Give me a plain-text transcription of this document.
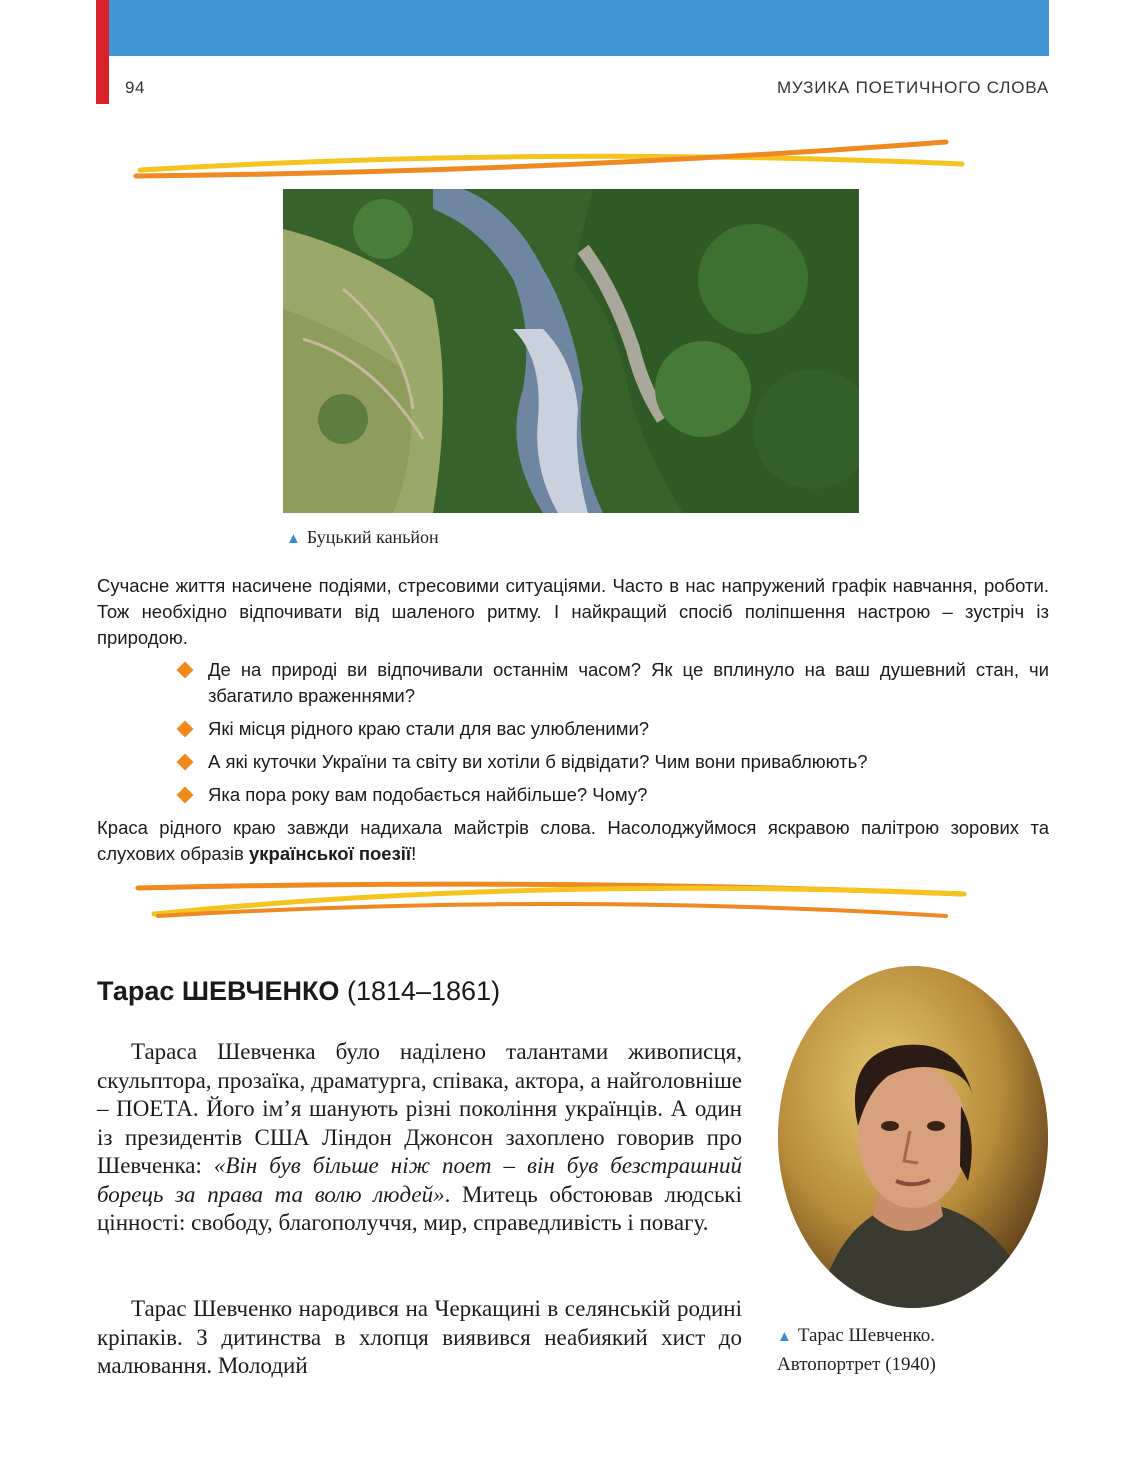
94	МУЗИКА ПОЕТИЧНОГО СЛОВА
▲ Буцький каньйон

Сучасне життя насичене подіями, стресовими ситуаціями. Часто в нас напружений графік навчання, роботи. Тож необхідно відпочивати від шаленого ритму. І найкращий спосіб поліпшення настрою – зустріч із природою.

Де на природі ви відпочивали останнім часом? Як це вплинуло на ваш душевний стан, чи збагатило враженнями?
Які місця рідного краю стали для вас улюбленими?
А які куточки України та світу ви хотіли б відвідати? Чим вони приваблюють?
Яка пора року вам подобається найбільше? Чому?

Краса рідного краю завжди надихала майстрів слова. Насолоджуймося яскравою палітрою зорових та слухових образів української поезії!

Тарас ШЕВЧЕНКО (1814–1861)

Тараса Шевченка було наділено талантами живописця, скульптора, прозаїка, драматурга, співака, актора, а найголовніше – ПОЕТА. Його ім’я шанують різні покоління українців. А один із президентів США Ліндон Джонсон захоплено говорив про Шевченка: «Він був більше ніж поет – він був безстрашний борець за права та волю людей». Митець обстоював людські цінності: свободу, благополуччя, мир, справедливість і повагу.

Тарас Шевченко народився на Черкащині в селянській родині кріпаків. З дитинства в хлопця виявився неабиякий хист до малювання. Молодий

▲ Тарас Шевченко.
Автопортрет (1940)
